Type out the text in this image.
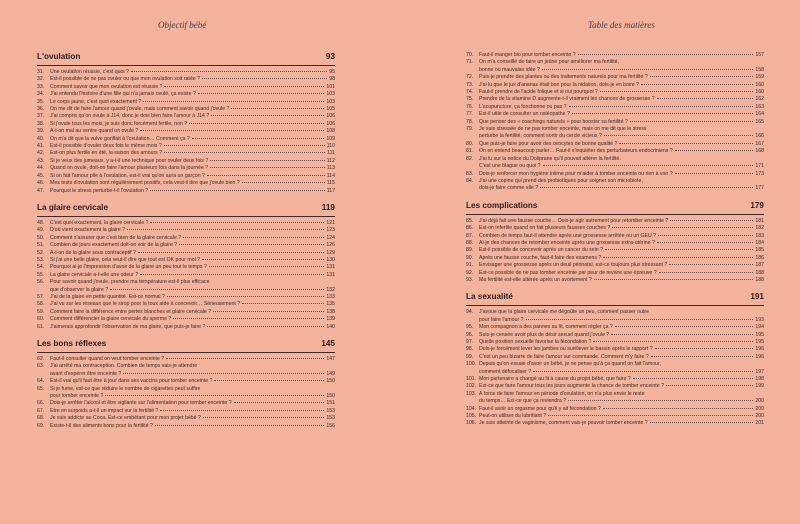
Objectif bébé	Table des matières
L'ovulation	93
31.	Une ovulation réussie, c'est quoi ?	95
32.	Est-il possible de ne pas ovuler ou que mon ovulation soit ratée ?	98
33.	Comment savoir que mon ovulation est réussie ?	101
34.	J'ai entendu l'histoire d'une fille qui n'a jamais ovulé, ça existe ?	103
35.	Le corps jaune, c'est quoi exactement ?	103
36.	On me dit de faire l'amour quand j'ovule, mais comment savoir quand j'ovule ?	105
37.	J'ai compris qu'on ovule à J14, donc je dois bien faire l'amour à J14 ?	106
38.	Si j'ovule tous les mois, je suis donc forcément fertile, non ?	106
39.	A-t-on mal au ventre quand on ovule ?	108
40.	On m'a dit que la vulve gonflait à l'ovulation… Comment ça ?	109
41.	Est-il possible d'ovuler deux fois le même mois ?	110
42.	Est-on plus fertile en été, la saison des amours ?	111
43.	Si je veux des jumeaux, y a-t-il une technique pour ovuler deux fois ?	112
44.	Quand on ovule, doit-on faire l'amour plusieurs fois dans la journée ?	113
45.	Si on fait l'amour pile à l'ovulation, est-il vrai qu'on aura un garçon ?	114
46.	Mes tests d'ovulation sont régulièrement positifs, cela veut-il dire que j'ovule bien ?	115
47.	Pourquoi le stress perturbe-t-il l'ovulation ?	117
La glaire cervicale	119
48.	C'est quoi exactement, la glaire cervicale ?	121
49.	D'où vient exactement la glaire ?	123
50.	Comment s'assurer que c'est bien de la glaire cervicale ?	124
51.	Combien de jours exactement doit-on voir de la glaire ?	126
52.	A-t-on de la glaire sous contraceptif ?	129
53.	Si j'ai une belle glaire, cela veut-il dire que tout est OK pour moi ?	130
54.	Pourquoi ai-je l'impression d'avoir de la glaire un peu tout le temps ?	131
55.	La glaire cervicale a-t-elle une odeur ?	131
56.	Pour savoir quand j'ovule, prendre ma température est-il plus efficace
que d'observer la glaire ?	132
57.	J'ai de la glaire en petite quantité. Est-ce normal ?	133
58.	J'ai vu sur les réseaux que le sirop pour la toux aide à concevoir… Sérieusement ?	135
59.	Comment faire la différence entre pertes blanches et glaire cervicale ?	138
60.	Comment différencier la glaire cervicale du sperme ?	139
61.	J'aimerais approfondir l'observation de ma glaire, que puis-je faire ?	140
Les bons réflexes	145
62.	Faut-il consulter quand on veut tomber enceinte ?	147
63.	J'ai arrêté ma contraception. Combien de temps vais-je attendre
avant d'espérer être enceinte ?	149
64.	Est-il vrai qu'il faut être à jour dans ses vaccins pour tomber enceinte ?	150
65.	Si je fume, est-ce que réduire le nombre de cigarettes peut suffire
pour tomber enceinte ?	150
66.	Dois-je arrêter l'alcool et être vigilante sur l'alimentation pour tomber enceinte ?	151
67.	Être en surpoids a-t-il un impact sur la fertilité ?	153
68.	Je suis addicte au Coca. Est-ce embêtant pour mon projet bébé ?	153
69.	Existe-t-il des aliments bons pour la fertilité ?	156
70.	Faut-il manger bio pour tomber enceinte ?	157
71.	On m'a conseillé de faire un jeûne pour améliorer ma fertilité,
bonne ou mauvaise idée ?	158
72.	Puis-je prendre des plantes ou des traitements naturels pour ma fertilité ?	159
73.	J'ai lu que le jus d'ananas était bon pour la nidation, dois-je en boire ?	160
74.	Faut-il prendre de l'acide folique et si oui pourquoi ?	160
75.	Prendre de la vitamine D augmente-t-il vraiment les chances de grossesse ?	162
76.	L'acupuncture, ça fonctionne ou pas ?	163
77.	Est-il utile de consulter un ostéopathe ?	164
78.	Que penser des « coachings naturels » pour booster sa fertilité ?	165
79.	Je suis stressée de ne pas tomber enceinte, mais on me dit que le stress
perturbe la fertilité, comment sortir du cercle vicieux ?	166
80.	Que puis-je faire pour avoir des ovocytes de bonne qualité ?	167
81.	On en entend beaucoup parler… Faut-il s'inquiéter des perturbateurs endocriniens ?	168
82.	J'ai lu sur la notice du Doliprane qu'il pouvait altérer la fertilité.
C'est une blague ou quoi ?	171
83.	Dois-je renforcer mon hygiène intime pour m'aider à tomber enceinte ou rien à voir ?	173
84.	J'ai une copine qui prend des probiotiques pour soigner son microbiote,
dois-je faire comme elle ?	177
Les complications	179
85.	J'ai déjà fait une fausse couche… Dois-je agir autrement pour retomber enceinte ?	181
86.	Est-on infertile quand on fait plusieurs fausses couches ?	182
87.	Combien de temps faut-il attendre après une grossesse arrêtée ou un GEU ?	183
88.	Ai-je des chances de retomber enceinte après une grossesse extra-utérine ?	184
89.	Est-il possible de concevoir après un cancer du sein ?	185
90.	Après une fausse couche, faut-il faire des examens ?	186
91.	Envisager une grossesse après un deuil périnatal, est-ce toujours plus stressant ?	187
92.	Est-ce possible de ne pas tomber enceinte par peur de revivre une épreuve ?	188
93.	Ma fertilité est-elle altérée après un avortement ?	188
La sexualité	191
94.	J'avoue que la glaire cervicale me dégoûte un peu, comment passer outre
pour faire l'amour ?	193
95.	Mon compagnon a des pannes au lit, comment régler ça ?	194
96.	Suis-je censée avoir plus de désir sexuel quand j'ovule ?	195
97.	Quelle position sexuelle favorise la fécondation ?	195
98.	Dois-je forcément lever les jambes ou surélever le bassin après le rapport ?	196
99.	C'est un peu bizarre de faire l'amour sur commande. Comment m'y faire ?	196
100. Depuis qu'on essaie d'avoir un bébé, je ne pense qu'à ça quand on fait l'amour,
comment défocaliser ?	197
101. Mon partenaire a changé au lit à cause du projet bébé, que faire ?	198
102. Est-ce que faire l'amour tous les jours augmente la chance de tomber enceinte ?	199
103. À force de faire l'amour en période d'ovulation, on n'a plus envie le reste
du temps… Est-ce que ça reviendra ?	200
104. Faut-il avoir un orgasme pour qu'il y ait fécondation ?	200
105. Peut-on utiliser du lubrifiant ?	200
106. Je suis atteinte de vaginisme, comment vais-je pouvoir tomber enceinte ?	201
